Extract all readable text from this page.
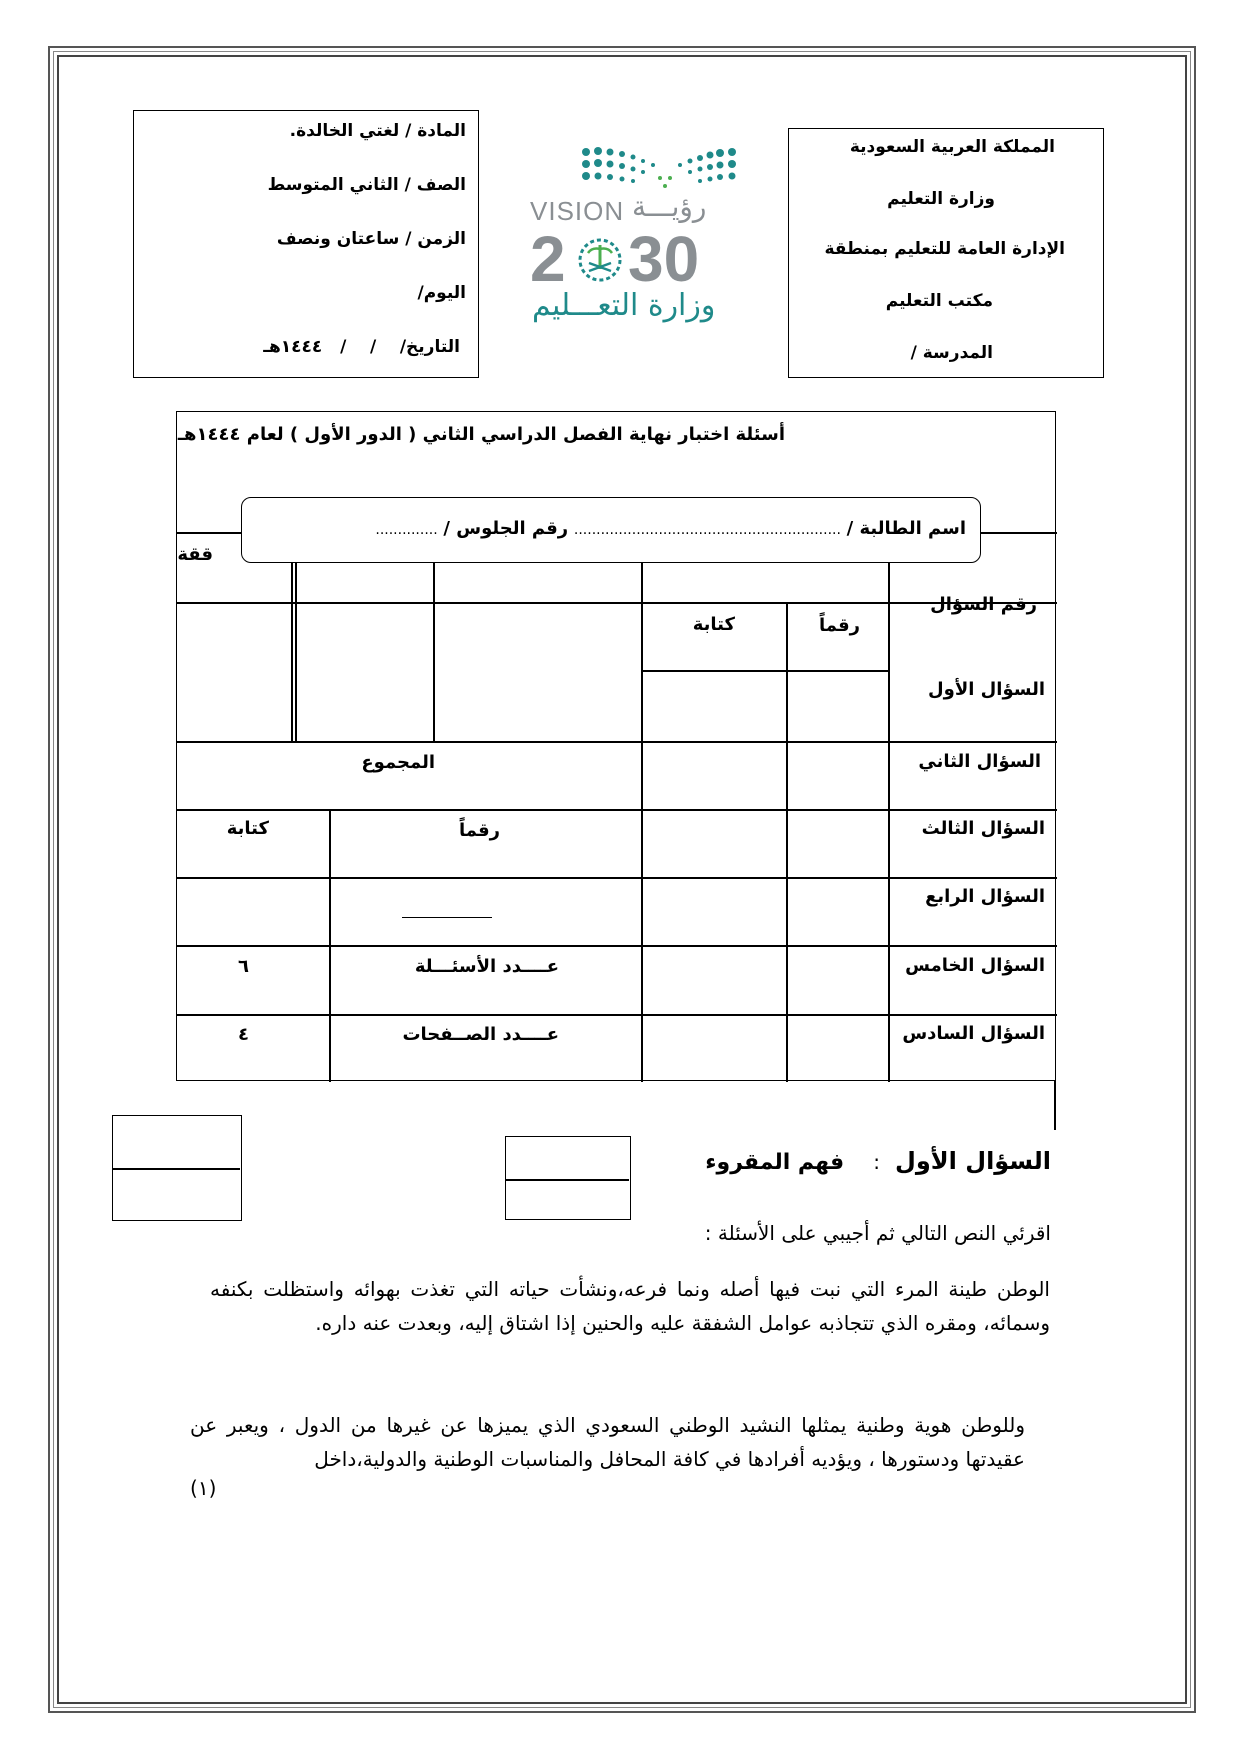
المملكة العربية السعودية
وزارة التعليم
الإدارة العامة للتعليم بمنطقة
مكتب التعليم
المدرسة /
VISION رؤيـــة
2 30
وزارة التعـــليم
المادة / لغتي الخالدة.
الصف / الثاني المتوسط
الزمن / ساعتان ونصف
اليوم/
التاريخ/    /    /   ١٤٤٤هـ
أسئلة اختبار نهاية الفصل الدراسي الثاني ( الدور الأول ) لعام ١٤٤٤هـ
رقم السؤال
رقماً
كتابة
ققة
السؤال الأول
السؤال الثاني
السؤال الثالث
السؤال الرابع
السؤال الخامس
السؤال السادس
المجموع
رقماً
كتابة
عــــدد الأسئـــلة
٦
عــــدد الصــفحات
٤
اسم الطالبة / ............................................................ رقم الجلوس / ..............
السؤال الأول : فهم المقروء
اقرئي النص التالي ثم أجيبي على الأسئلة :
الوطن طينة المرء التي نبت فيها أصله ونما فرعه،ونشأت حياته التي تغذت بهوائه واستظلت بكنفه وسمائه، ومقره الذي تتجاذبه عوامل الشفقة عليه والحنين إذا اشتاق إليه، وبعدت عنه داره.
وللوطن هوية وطنية يمثلها النشيد الوطني السعودي الذي يميزها عن غيرها من الدول ، ويعبر عن عقيدتها ودستورها ، ويؤديه أفرادها في كافة المحافل والمناسبات الوطنية والدولية،داخل
(١)
